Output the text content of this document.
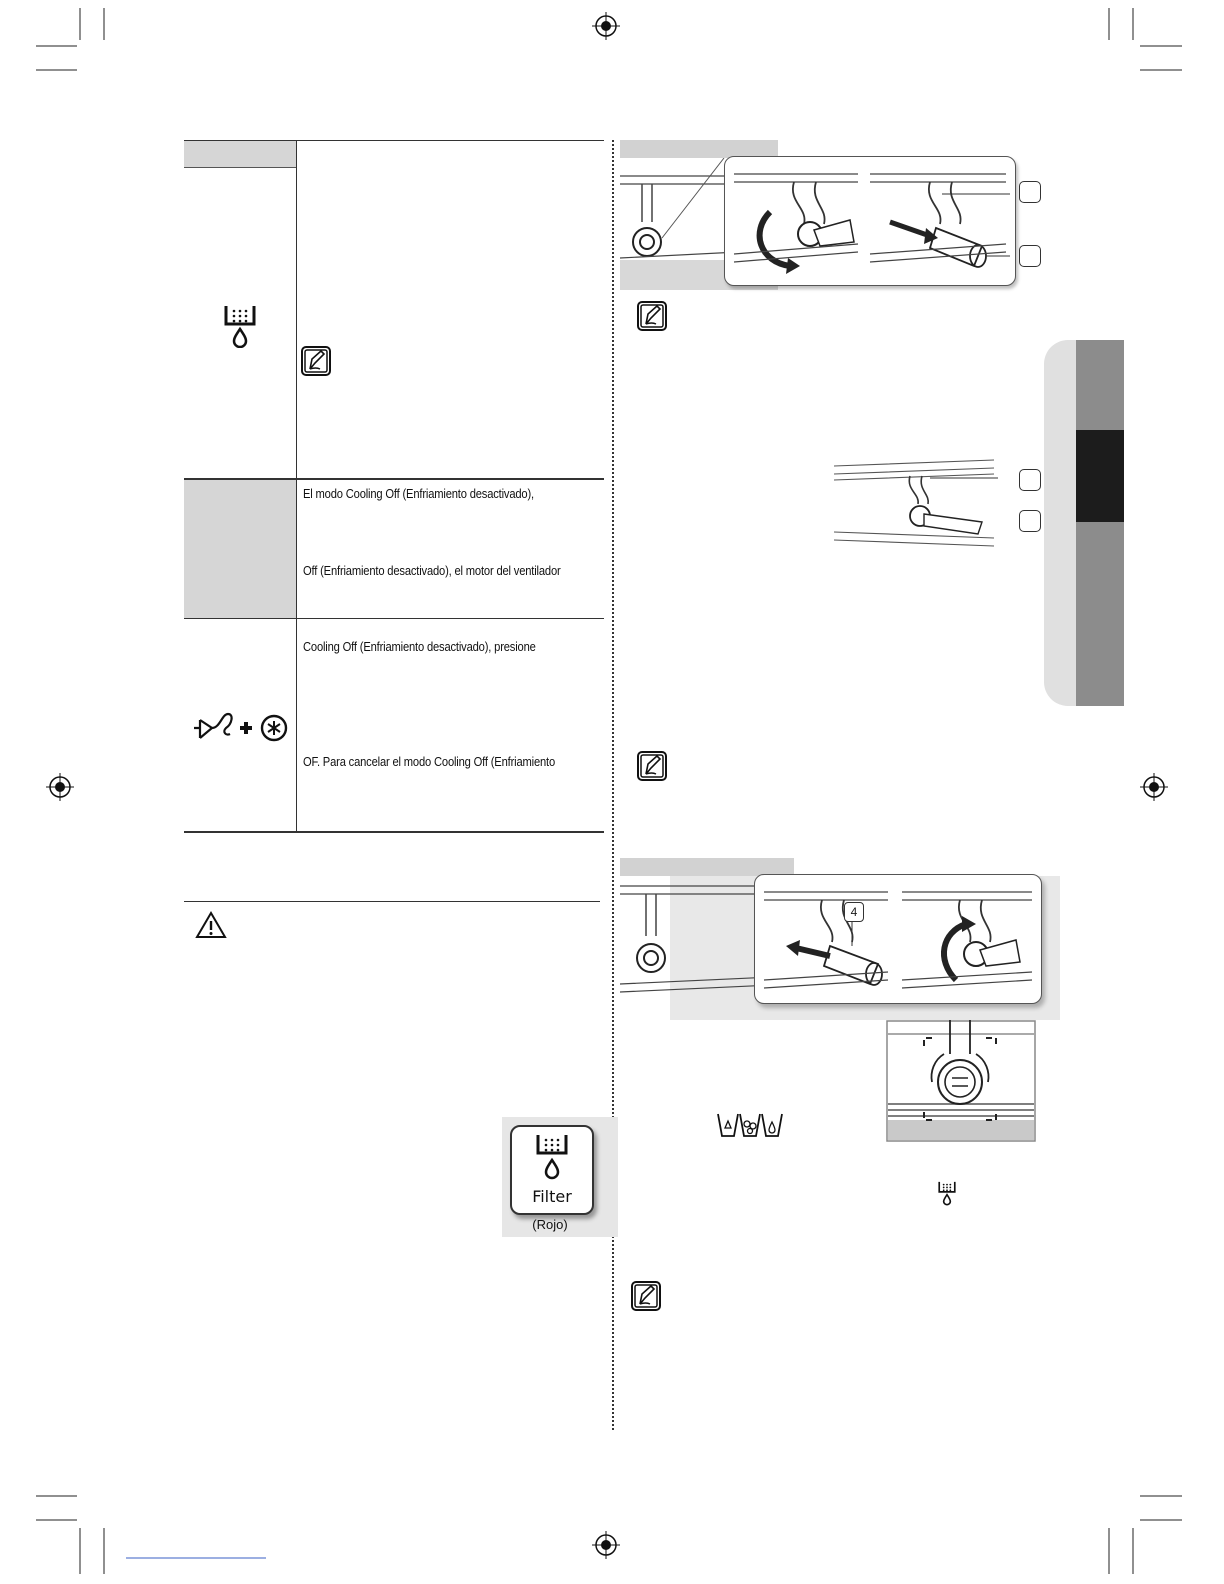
El modo Cooling Off (Enfriamiento desactivado),
Off (Enfriamiento desactivado), el motor del ventilador
Cooling Off (Enfriamiento desactivado), presione
OF. Para cancelar el modo Cooling Off (Enfriamiento
Filter
(Rojo)
4
